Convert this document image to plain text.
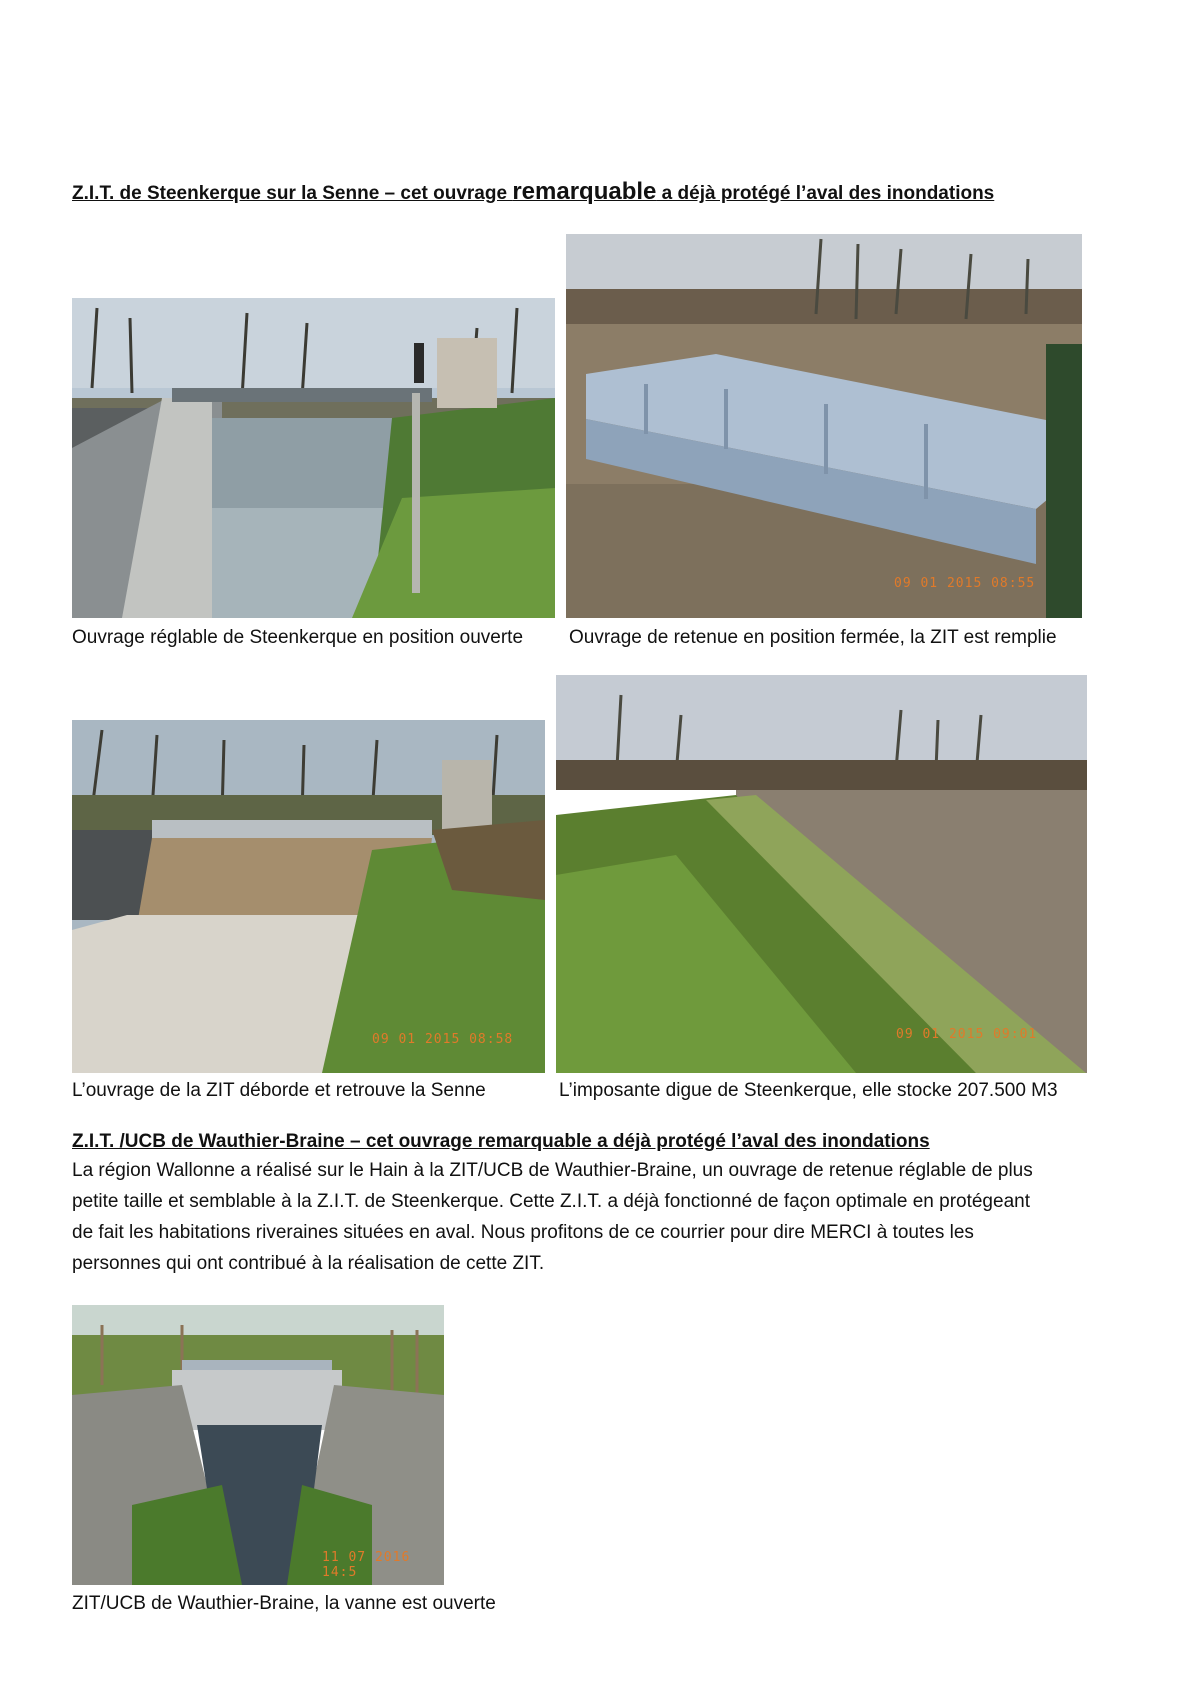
Z.I.T. de Steenkerque sur la Senne – cet ouvrage remarquable a déjà protégé l’aval des inondations
09 01 2015 08:55
Ouvrage réglable de Steenkerque en position ouverte Ouvrage de retenue en position fermée, la ZIT est remplie
09 01 2015 08:58	09 01 2015 09:01
L’ouvrage de la ZIT déborde et retrouve la Senne	L’imposante digue de Steenkerque, elle stocke 207.500 M3
Z.I.T. /UCB de Wauthier-Braine – cet ouvrage remarquable a déjà protégé l’aval des inondations
La région Wallonne a réalisé sur le Hain à la ZIT/UCB de Wauthier-Braine, un ouvrage de retenue réglable de plus
petite taille et semblable à la Z.I.T. de Steenkerque. Cette Z.I.T. a déjà fonctionné de façon optimale en protégeant
de fait les habitations riveraines situées en aval. Nous profitons de ce courrier pour dire MERCI à toutes les
personnes qui ont contribué à la réalisation de cette ZIT.
11 07 2016 14:5
ZIT/UCB de Wauthier-Braine, la vanne est ouverte
